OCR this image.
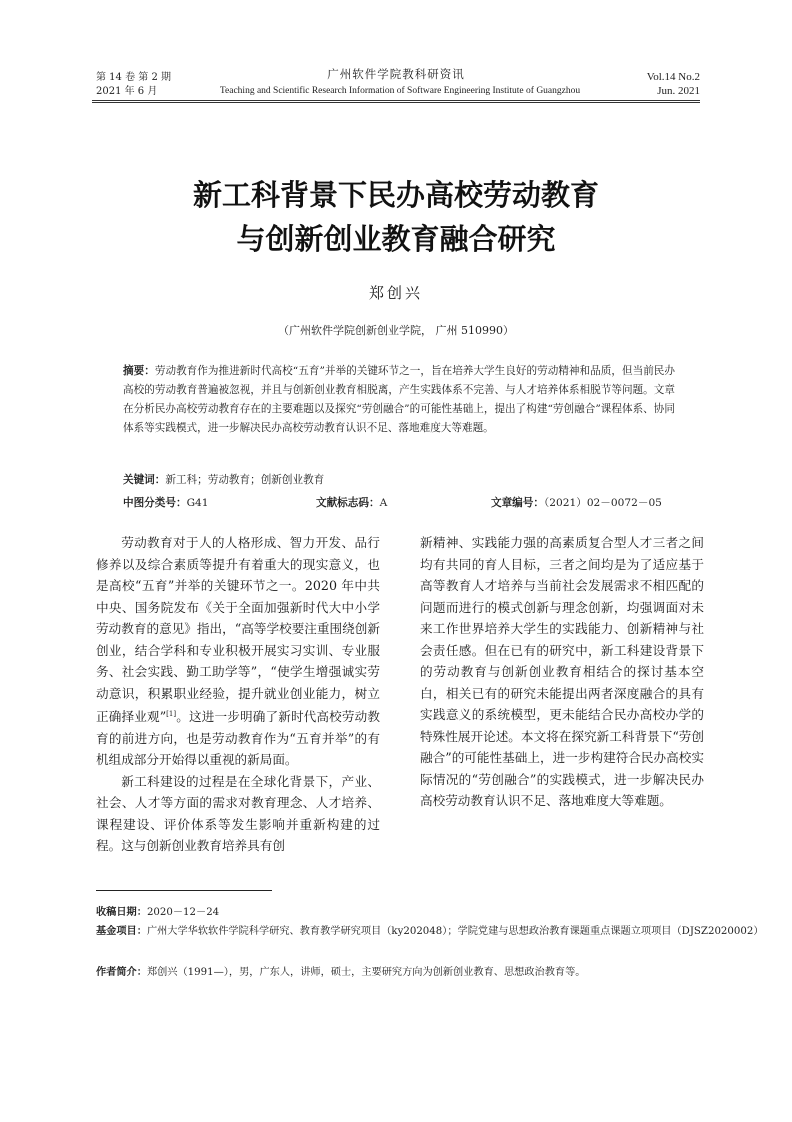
第 14 卷 第 2 期
2021 年 6 月
广州软件学院教科研资讯
Teaching and Scientific Research Information of Software Engineering Institute of Guangzhou
Vol.14 No.2
Jun. 2021
新工科背景下民办高校劳动教育
与创新创业教育融合研究
郑创兴
（广州软件学院创新创业学院， 广州 510990）
摘要：劳动教育作为推进新时代高校“五育”并举的关键环节之一，旨在培养大学生良好的劳动精神和品质，但当前民办高校的劳动教育普遍被忽视，并且与创新创业教育相脱离，产生实践体系不完善、与人才培养体系相脱节等问题。文章在分析民办高校劳动教育存在的主要难题以及探究“劳创融合”的可能性基础上，提出了构建“劳创融合”课程体系、协同体系等实践模式，进一步解决民办高校劳动教育认识不足、落地难度大等难题。
关键词：新工科；劳动教育；创新创业教育
中图分类号：G41	文献标志码：A	文章编号：（2021）02－0072－05

劳动教育对于人的人格形成、智力开发、品行修养以及综合素质等提升有着重大的现实意义，也是高校“五育”并举的关键环节之一。2020 年中共中央、国务院发布《关于全面加强新时代大中小学劳动教育的意见》指出，“高等学校要注重围绕创新创业，结合学科和专业积极开展实习实训、专业服务、社会实践、勤工助学等”，“使学生增强诚实劳动意识，积累职业经验，提升就业创业能力，树立正确择业观”[1]。这进一步明确了新时代高校劳动教育的前进方向，也是劳动教育作为“五育并举”的有机组成部分开始得以重视的新局面。

新工科建设的过程是在全球化背景下，产业、社会、人才等方面的需求对教育理念、人才培养、课程建设、评价体系等发生影响并重新构建的过程。这与创新创业教育培养具有创

新精神、实践能力强的高素质复合型人才三者之间均有共同的育人目标，三者之间均是为了适应基于高等教育人才培养与当前社会发展需求不相匹配的问题而进行的模式创新与理念创新，均强调面对未来工作世界培养大学生的实践能力、创新精神与社会责任感。但在已有的研究中，新工科建设背景下的劳动教育与创新创业教育相结合的探讨基本空白，相关已有的研究未能提出两者深度融合的具有实践意义的系统模型，更未能结合民办高校办学的特殊性展开论述。本文将在探究新工科背景下“劳创融合”的可能性基础上，进一步构建符合民办高校实际情况的“劳创融合”的实践模式，进一步解决民办高校劳动教育认识不足、落地难度大等难题。

收稿日期：2020－12－24
基金项目：广州大学华软软件学院科学研究、教育教学研究项目（ky202048）；学院党建与思想政治教育课题重点课题立项项目（DJSZ2020002）
作者简介：郑创兴（1991—），男，广东人，讲师，硕士，主要研究方向为创新创业教育、思想政治教育等。
